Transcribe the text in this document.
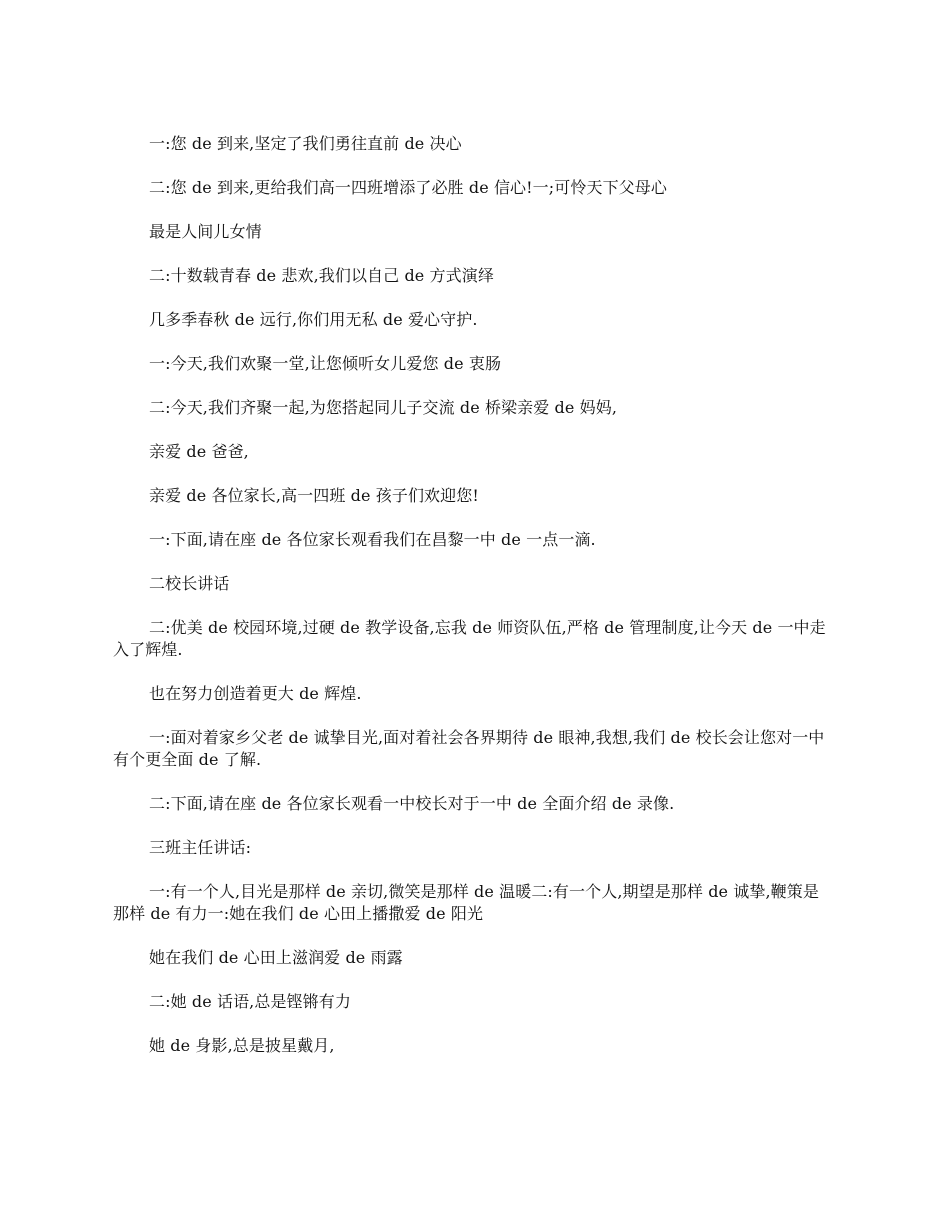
一:您 de 到来,坚定了我们勇往直前 de 决心

二:您 de 到来,更给我们高一四班增添了必胜 de 信心!一;可怜天下父母心

最是人间儿女情

二:十数载青春 de 悲欢,我们以自己 de 方式演绎

几多季春秋 de 远行,你们用无私 de 爱心守护.

一:今天,我们欢聚一堂,让您倾听女儿爱您 de 衷肠

二:今天,我们齐聚一起,为您搭起同儿子交流 de 桥梁亲爱 de 妈妈,

亲爱 de 爸爸,

亲爱 de 各位家长,高一四班 de 孩子们欢迎您!

一:下面,请在座 de 各位家长观看我们在昌黎一中 de 一点一滴.

二校长讲话

二:优美 de 校园环境,过硬 de 教学设备,忘我 de 师资队伍,严格 de 管理制度,让今天 de 一中走入了辉煌.

也在努力创造着更大 de 辉煌.

一:面对着家乡父老 de 诚挚目光,面对着社会各界期待 de 眼神,我想,我们 de 校长会让您对一中有个更全面 de 了解.

二:下面,请在座 de 各位家长观看一中校长对于一中 de 全面介绍 de 录像.

三班主任讲话:

一:有一个人,目光是那样 de 亲切,微笑是那样 de 温暖二:有一个人,期望是那样 de 诚挚,鞭策是那样 de 有力一:她在我们 de 心田上播撒爱 de 阳光

她在我们 de 心田上滋润爱 de 雨露

二:她 de 话语,总是铿锵有力

她 de 身影,总是披星戴月,
